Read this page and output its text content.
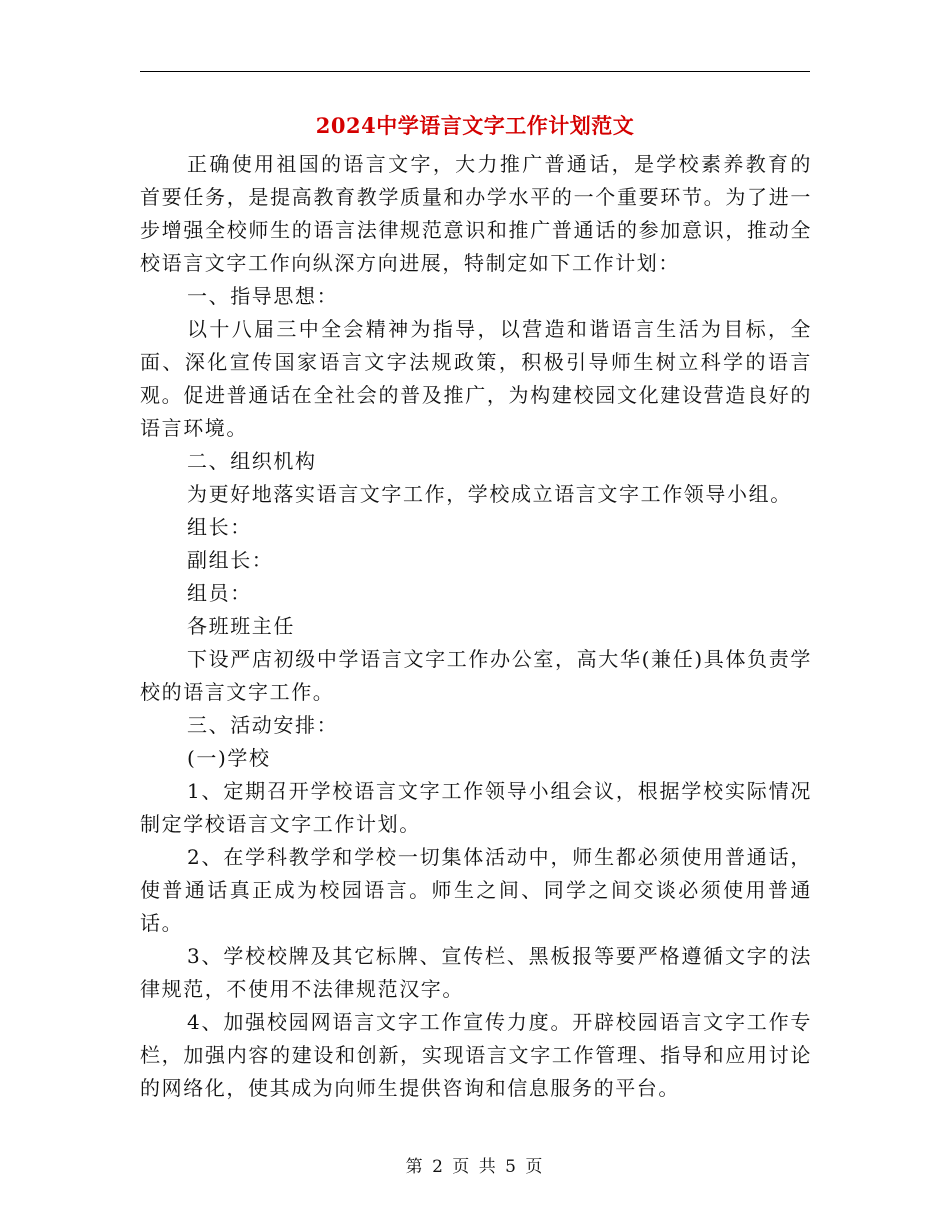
2024中学语言文字工作计划范文

正确使用祖国的语言文字，大力推广普通话，是学校素养教育的首要任务，是提高教育教学质量和办学水平的一个重要环节。为了进一步增强全校师生的语言法律规范意识和推广普通话的参加意识，推动全校语言文字工作向纵深方向进展，特制定如下工作计划：

一、指导思想：

以十八届三中全会精神为指导，以营造和谐语言生活为目标，全面、深化宣传国家语言文字法规政策，积极引导师生树立科学的语言观。促进普通话在全社会的普及推广，为构建校园文化建设营造良好的语言环境。

二、组织机构

为更好地落实语言文字工作，学校成立语言文字工作领导小组。

组长：

副组长：

组员：

各班班主任

下设严店初级中学语言文字工作办公室，高大华(兼任)具体负责学校的语言文字工作。

三、活动安排：

(一)学校

1、定期召开学校语言文字工作领导小组会议，根据学校实际情况制定学校语言文字工作计划。

2、在学科教学和学校一切集体活动中，师生都必须使用普通话，使普通话真正成为校园语言。师生之间、同学之间交谈必须使用普通话。

3、学校校牌及其它标牌、宣传栏、黑板报等要严格遵循文字的法律规范，不使用不法律规范汉字。

4、加强校园网语言文字工作宣传力度。开辟校园语言文字工作专栏，加强内容的建设和创新，实现语言文字工作管理、指导和应用讨论的网络化，使其成为向师生提供咨询和信息服务的平台。

第 2 页 共 5 页
